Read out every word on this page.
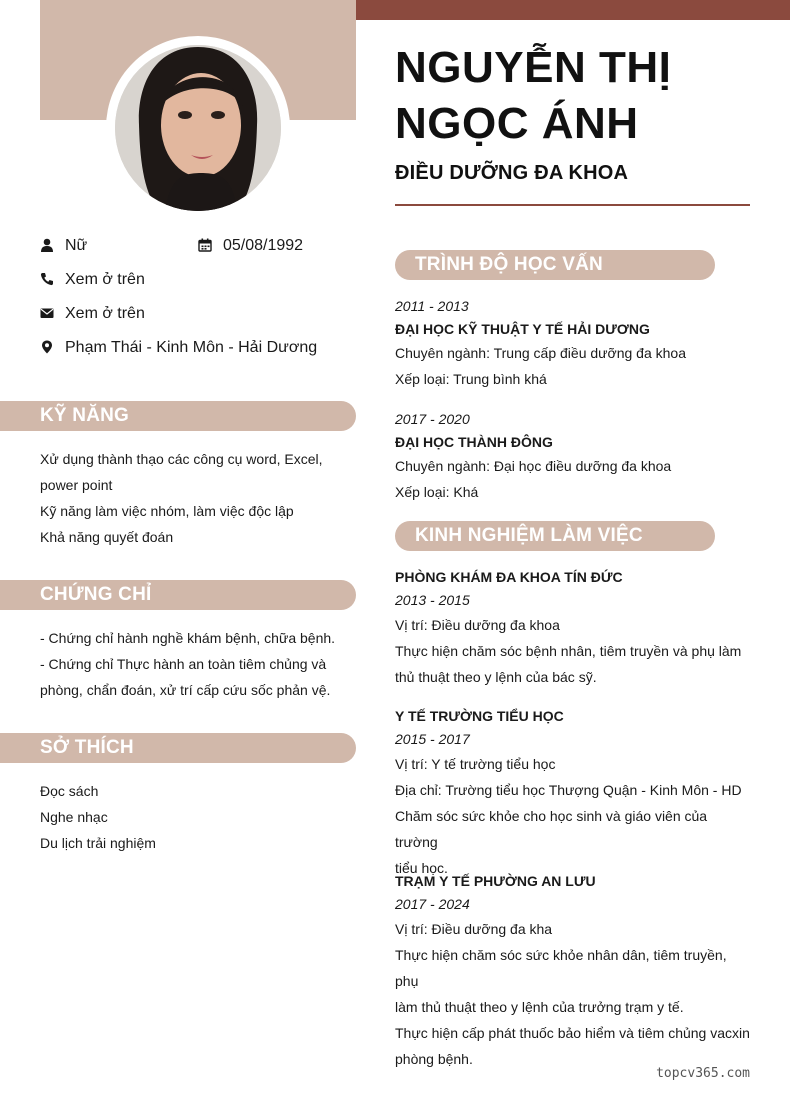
Nữ	05/08/1992
Xem ở trên
Xem ở trên
Phạm Thái - Kinh Môn - Hải Dương
KỸ NĂNG
Xử dụng thành thạo các công cụ word, Excel,
power point
Kỹ năng làm việc nhóm, làm việc độc lập
Khả năng quyết đoán
CHỨNG CHỈ
- Chứng chỉ hành nghề khám bệnh, chữa bệnh.
- Chứng chỉ Thực hành an toàn tiêm chủng và
phòng, chẩn đoán, xử trí cấp cứu sốc phản vệ.
SỞ THÍCH
Đọc sách
Nghe nhạc
Du lịch trải nghiệm
NGUYỄN THỊ
NGỌC ÁNH
ĐIỀU DƯỠNG ĐA KHOA
TRÌNH ĐỘ HỌC VẤN
2011 - 2013
ĐẠI HỌC KỸ THUẬT Y TẾ HẢI DƯƠNG
Chuyên ngành: Trung cấp điều dưỡng đa khoa
Xếp loại: Trung bình khá
2017 - 2020
ĐẠI HỌC THÀNH ĐÔNG
Chuyên ngành: Đại học điều dưỡng đa khoa
Xếp loại: Khá
KINH NGHIỆM LÀM VIỆC
PHÒNG KHÁM ĐA KHOA TÍN ĐỨC
2013 - 2015
Vị trí: Điều dưỡng đa khoa
Thực hiện chăm sóc bệnh nhân, tiêm truyền và phụ làm
thủ thuật theo y lệnh của bác sỹ.
Y TẾ TRƯỜNG TIỂU HỌC
2015 - 2017
Vị trí: Y tế trường tiểu học
Địa chỉ: Trường tiểu học Thượng Quận - Kinh Môn - HD
Chăm sóc sức khỏe cho học sinh và giáo viên của trường
tiểu học.
TRẠM Y TẾ PHƯỜNG AN LƯU
2017 - 2024
Vị trí: Điều dưỡng đa kha
Thực hiện chăm sóc sức khỏe nhân dân, tiêm truyền, phụ
làm thủ thuật theo y lệnh của trưởng trạm y tế.
Thực hiện cấp phát thuốc bảo hiểm và tiêm chủng vacxin
phòng bệnh.
topcv365.com
